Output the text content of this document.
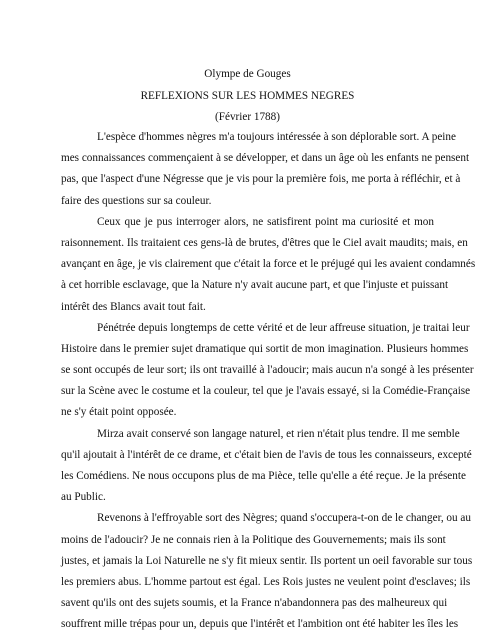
Olympe de Gouges
REFLEXIONS SUR LES HOMMES NEGRES
(Février 1788)
L'espèce d'hommes nègres m'a toujours intéressée à son déplorable sort. A peine
mes connaissances commençaient à se développer, et dans un âge où les enfants ne pensent
pas, que l'aspect d'une Négresse que je vis pour la première fois, me porta à réfléchir, et à
faire des questions sur sa couleur.
Ceux que je pus interroger alors, ne satisfirent point ma curiosité et mon
raisonnement. Ils traitaient ces gens-là de brutes, d'êtres que le Ciel avait maudits; mais, en
avançant en âge, je vis clairement que c'était la force et le préjugé qui les avaient condamnés
à cet horrible esclavage, que la Nature n'y avait aucune part, et que l'injuste et puissant
intérêt des Blancs avait tout fait.
Pénétrée depuis longtemps de cette vérité et de leur affreuse situation, je traitai leur
Histoire dans le premier sujet dramatique qui sortit de mon imagination. Plusieurs hommes
se sont occupés de leur sort; ils ont travaillé à l'adoucir; mais aucun n'a songé à les présenter
sur la Scène avec le costume et la couleur, tel que je l'avais essayé, si la Comédie-Française
ne s'y était point opposée.
Mirza avait conservé son langage naturel, et rien n'était plus tendre. Il me semble
qu'il ajoutait à l'intérêt de ce drame, et c'était bien de l'avis de tous les connaisseurs, excepté
les Comédiens. Ne nous occupons plus de ma Pièce, telle qu'elle a été reçue. Je la présente
au Public.
Revenons à l'effroyable sort des Nègres; quand s'occupera-t-on de le changer, ou au
moins de l'adoucir? Je ne connais rien à la Politique des Gouvernements; mais ils sont
justes, et jamais la Loi Naturelle ne s'y fit mieux sentir. Ils portent un oeil favorable sur tous
les premiers abus. L'homme partout est égal. Les Rois justes ne veulent point d'esclaves; ils
savent qu'ils ont des sujets soumis, et la France n'abandonnera pas des malheureux qui
souffrent mille trépas pour un, depuis que l'intérêt et l'ambition ont été habiter les îles les
